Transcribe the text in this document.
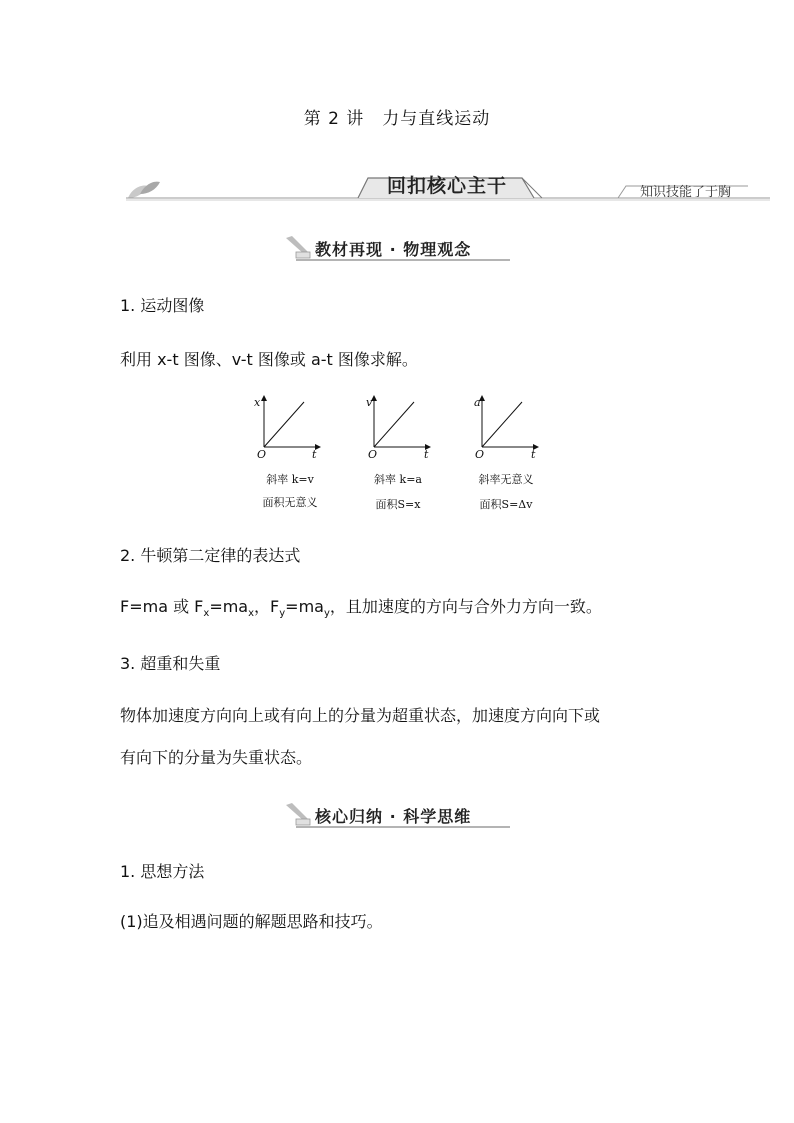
第 2 讲　力与直线运动
回扣核心主干	知识技能了于胸
教材再现 · 物理观念
1. 运动图像
利用 x-t 图像、v-t 图像或 a-t 图像求解。
x
O	t
v
O	t
a
O	t
斜率 k=v
面积无意义
斜率 k=a
面积S=x
斜率无意义
面积S=Δv
2. 牛顿第二定律的表达式
F=ma 或 $F_x=ma_x$，$F_y=ma_y$，且加速度的方向与合外力方向一致。
3. 超重和失重
物体加速度方向向上或有向上的分量为超重状态，加速度方向向下或
有向下的分量为失重状态。
核心归纳 · 科学思维
1. 思想方法
(1)追及相遇问题的解题思路和技巧。
